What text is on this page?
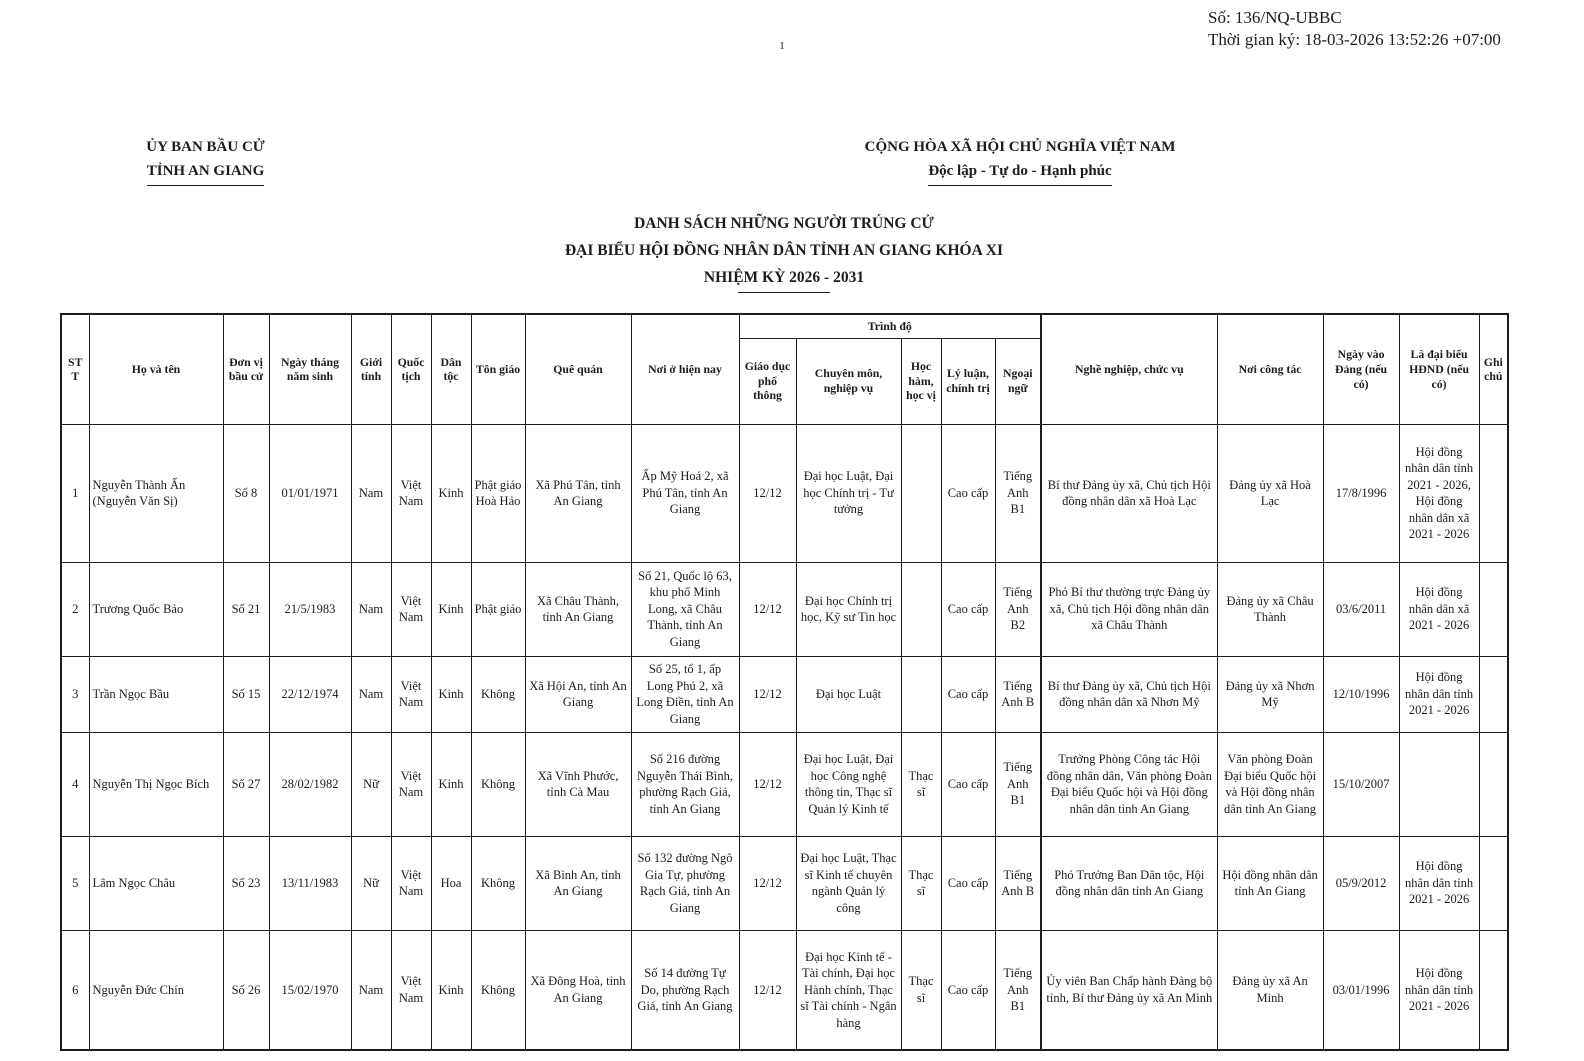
Số: 136/NQ-UBBC
Thời gian ký: 18-03-2026 13:52:26 +07:00
1
ỦY BAN BẦU CỬ
TỈNH AN GIANG
CỘNG HÒA XÃ HỘI CHỦ NGHĨA VIỆT NAM
Độc lập - Tự do - Hạnh phúc
DANH SÁCH NHỮNG NGƯỜI TRÚNG CỬ
ĐẠI BIỂU HỘI ĐỒNG NHÂN DÂN TỈNH AN GIANG KHÓA XI
NHIỆM KỲ 2026 - 2031
STT	Họ và tên	Đơn vị bầu cử	Ngày tháng năm sinh	Giới tính	Quốc tịch	Dân tộc	Tôn giáo	Quê quán	Nơi ở hiện nay	Trình độ					Nghề nghiệp, chức vụ	Nơi công tác	Ngày vào Đảng (nếu có)	Là đại biểu HĐND (nếu có)	Ghi chú
										Giáo dục phổ thông	Chuyên môn, nghiệp vụ	Học hàm, học vị	Lý luận, chính trị	Ngoại ngữ					
1	Nguyễn Thành Ẩn (Nguyễn Văn Sị)	Số 8	01/01/1971	Nam	Việt Nam	Kinh	Phật giáo Hoà Hảo	Xã Phú Tân, tỉnh An Giang	Ấp Mỹ Hoá 2, xã Phú Tân, tỉnh An Giang	12/12	Đại học Luật, Đại học Chính trị - Tư tưởng		Cao cấp	Tiếng Anh B1	Bí thư Đảng ủy xã, Chủ tịch Hội đồng nhân dân xã Hoà Lạc	Đảng ủy xã Hoà Lạc	17/8/1996	Hội đồng nhân dân tỉnh 2021 - 2026, Hội đồng nhân dân xã 2021 - 2026	
2	Trương Quốc Bảo	Số 21	21/5/1983	Nam	Việt Nam	Kinh	Phật giáo	Xã Châu Thành, tỉnh An Giang	Số 21, Quốc lộ 63, khu phố Minh Long, xã Châu Thành, tỉnh An Giang	12/12	Đại học Chính trị học, Kỹ sư Tin học		Cao cấp	Tiếng Anh B2	Phó Bí thư thường trực Đảng ủy xã, Chủ tịch Hội đồng nhân dân xã Châu Thành	Đảng ủy xã Châu Thành	03/6/2011	Hội đồng nhân dân xã 2021 - 2026	
3	Trần Ngọc Bầu	Số 15	22/12/1974	Nam	Việt Nam	Kinh	Không	Xã Hội An, tỉnh An Giang	Số 25, tổ 1, ấp Long Phú 2, xã Long Điền, tỉnh An Giang	12/12	Đại học Luật		Cao cấp	Tiếng Anh B	Bí thư Đảng ủy xã, Chủ tịch Hội đồng nhân dân xã Nhơn Mỹ	Đảng ủy xã Nhơn Mỹ	12/10/1996	Hội đồng nhân dân tỉnh 2021 - 2026	
4	Nguyễn Thị Ngọc Bích	Số 27	28/02/1982	Nữ	Việt Nam	Kinh	Không	Xã Vĩnh Phước, tỉnh Cà Mau	Số 216 đường Nguyễn Thái Bình, phường Rạch Giá, tỉnh An Giang	12/12	Đại học Luật, Đại học Công nghệ thông tin, Thạc sĩ Quản lý Kinh tế	Thạc sĩ	Cao cấp	Tiếng Anh B1	Trưởng Phòng Công tác Hội đồng nhân dân, Văn phòng Đoàn Đại biểu Quốc hội và Hội đồng nhân dân tỉnh An Giang	Văn phòng Đoàn Đại biểu Quốc hội và Hội đồng nhân dân tỉnh An Giang	15/10/2007		
5	Lâm Ngọc Châu	Số 23	13/11/1983	Nữ	Việt Nam	Hoa	Không	Xã Bình An, tỉnh An Giang	Số 132 đường Ngô Gia Tự, phường Rạch Giá, tỉnh An Giang	12/12	Đại học Luật, Thạc sĩ Kinh tế chuyên ngành Quản lý công	Thạc sĩ	Cao cấp	Tiếng Anh B	Phó Trưởng Ban Dân tộc, Hội đồng nhân dân tỉnh An Giang	Hội đồng nhân dân tỉnh An Giang	05/9/2012	Hội đồng nhân dân tỉnh 2021 - 2026	
6	Nguyễn Đức Chín	Số 26	15/02/1970	Nam	Việt Nam	Kinh	Không	Xã Đông Hoà, tỉnh An Giang	Số 14 đường Tự Do, phường Rạch Giá, tỉnh An Giang	12/12	Đại học Kinh tế - Tài chính, Đại học Hành chính, Thạc sĩ Tài chính - Ngân hàng	Thạc sĩ	Cao cấp	Tiếng Anh B1	Ủy viên Ban Chấp hành Đảng bộ tỉnh, Bí thư Đảng ủy xã An Minh	Đảng ủy xã An Minh	03/01/1996	Hội đồng nhân dân tỉnh 2021 - 2026	
